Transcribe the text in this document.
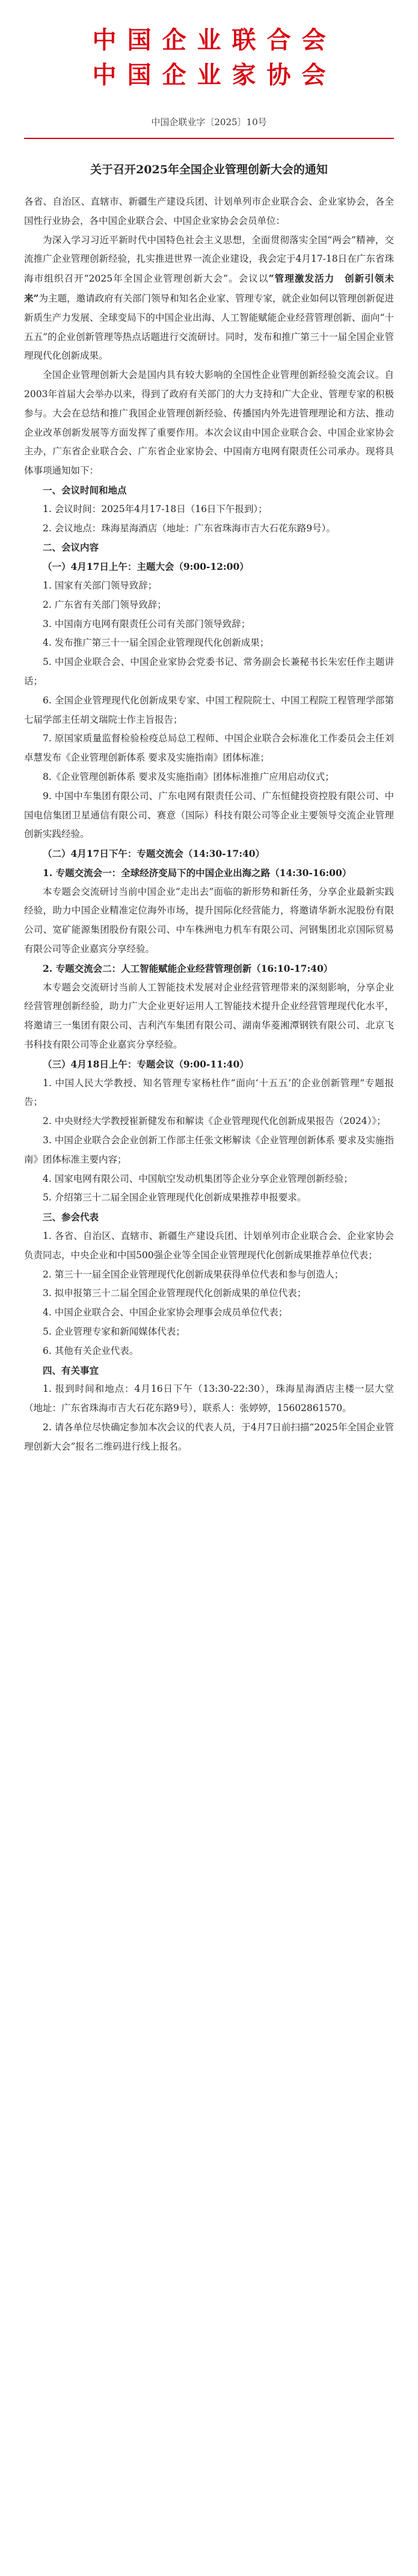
中国企业联合会
中国企业家协会
中国企联业字〔2025〕10号
关于召开2025年全国企业管理创新大会的通知

各省、自治区、直辖市、新疆生产建设兵团、计划单列市企业联合会、企业家协会，各全国性行业协会，各中国企业联合会、中国企业家协会会员单位：

为深入学习习近平新时代中国特色社会主义思想，全面贯彻落实全国“两会”精神，交流推广企业管理创新经验，扎实推进世界一流企业建设，我会定于4月17-18日在广东省珠海市组织召开“2025年全国企业管理创新大会”。会议以“管理激发活力　创新引领未来”为主题，邀请政府有关部门领导和知名企业家、管理专家，就企业如何以管理创新促进新质生产力发展、全球变局下的中国企业出海、人工智能赋能企业经营管理创新、面向“十五五”的企业创新管理等热点话题进行交流研讨。同时，发布和推广第三十一届全国企业管理现代化创新成果。

全国企业管理创新大会是国内具有较大影响的全国性企业管理创新经验交流会议。自2003年首届大会举办以来，得到了政府有关部门的大力支持和广大企业、管理专家的积极参与。大会在总结和推广我国企业管理创新经验、传播国内外先进管理理论和方法、推动企业改革创新发展等方面发挥了重要作用。本次会议由中国企业联合会、中国企业家协会主办，广东省企业联合会、广东省企业家协会、中国南方电网有限责任公司承办。现将具体事项通知如下：

一、会议时间和地点

1. 会议时间：2025年4月17-18日（16日下午报到）；

2. 会议地点：珠海星海酒店（地址：广东省珠海市吉大石花东路9号）。

二、会议内容

（一）4月17日上午：主题大会（9:00-12:00）

1. 国家有关部门领导致辞；

2. 广东省有关部门领导致辞；

3. 中国南方电网有限责任公司有关部门领导致辞；

4. 发布推广第三十一届全国企业管理现代化创新成果；

5. 中国企业联合会、中国企业家协会党委书记、常务副会长兼秘书长朱宏任作主题讲话；

6. 全国企业管理现代化创新成果专家、中国工程院院士、中国工程院工程管理学部第七届学部主任胡文瑞院士作主旨报告；

7. 原国家质量监督检验检疫总局总工程师、中国企业联合会标准化工作委员会主任刘卓慧发布《企业管理创新体系 要求及实施指南》团体标准；

8.《企业管理创新体系 要求及实施指南》团体标准推广应用启动仪式；

9. 中国中车集团有限公司、广东电网有限责任公司、广东恒健投资控股有限公司、中国电信集团卫星通信有限公司、赛意（国际）科技有限公司等企业主要领导交流企业管理创新实践经验。

（二）4月17日下午：专题交流会（14:30-17:40）

1. 专题交流会一：全球经济变局下的中国企业出海之路（14:30-16:00）

本专题会交流研讨当前中国企业“走出去”面临的新形势和新任务，分享企业最新实践经验，助力中国企业精准定位海外市场，提升国际化经营能力，将邀请华新水泥股份有限公司、宽矿能源集团股份有限公司、中车株洲电力机车有限公司、河钢集团北京国际贸易有限公司等企业嘉宾分享经验。

2. 专题交流会二：人工智能赋能企业经营管理创新（16:10-17:40）

本专题会交流研讨当前人工智能技术发展对企业经营管理带来的深刻影响，分享企业经营管理创新经验，助力广大企业更好运用人工智能技术提升企业经营管理现代化水平，将邀请三一集团有限公司、吉利汽车集团有限公司、湖南华菱湘潭钢铁有限公司、北京飞书科技有限公司等企业嘉宾分享经验。

（三）4月18日上午：专题会议（9:00-11:40）

1. 中国人民大学教授、知名管理专家杨杜作“面向‘十五五’的企业创新管理”专题报告；

2. 中央财经大学教授崔新健发布和解读《企业管理现代化创新成果报告（2024）》；

3. 中国企业联合会企业创新工作部主任张文彬解读《企业管理创新体系 要求及实施指南》团体标准主要内容；

4. 国家电网有限公司、中国航空发动机集团等企业分享企业管理创新经验；

5. 介绍第三十二届全国企业管理现代化创新成果推荐申报要求。

三、参会代表

1. 各省、自治区、直辖市、新疆生产建设兵团、计划单列市企业联合会、企业家协会负责同志，中央企业和中国500强企业等全国企业管理现代化创新成果推荐单位代表；

2. 第三十一届全国企业管理现代化创新成果获得单位代表和参与创造人；

3. 拟申报第三十二届全国企业管理现代化创新成果的单位代表；

4. 中国企业联合会、中国企业家协会理事会成员单位代表；

5. 企业管理专家和新闻媒体代表；

6. 其他有关企业代表。

四、有关事宜

1. 报到时间和地点：4月16日下午（13:30-22:30），珠海星海酒店主楼一层大堂（地址：广东省珠海市吉大石花东路9号），联系人：张婷婷，15602861570。

2. 请各单位尽快确定参加本次会议的代表人员，于4月7日前扫描“2025年全国企业管理创新大会”报名二维码进行线上报名。
